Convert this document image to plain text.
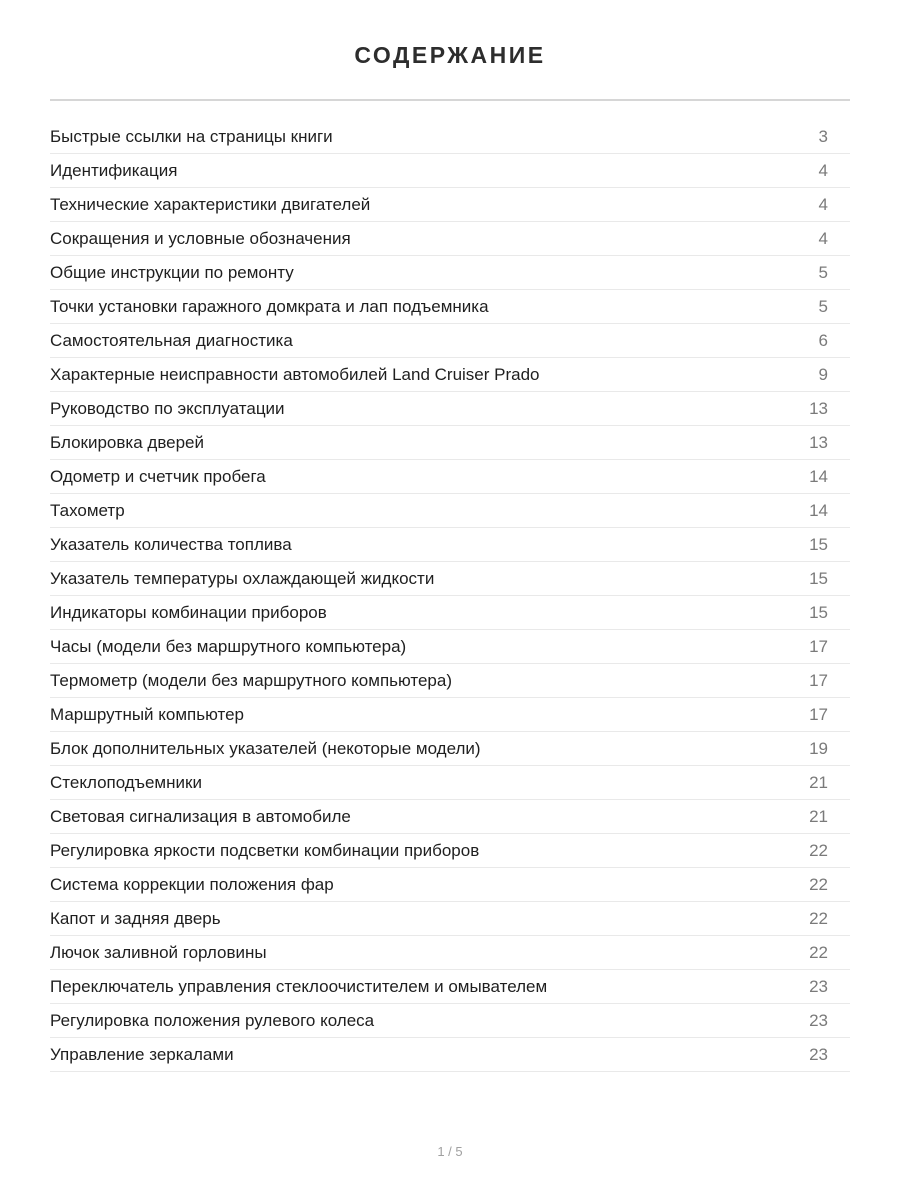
СОДЕРЖАНИЕ
Быстрые ссылки на страницы книги	3
Идентификация	4
Технические характеристики двигателей	4
Сокращения и условные обозначения	4
Общие инструкции по ремонту	5
Точки установки гаражного домкрата и лап подъемника	5
Самостоятельная диагностика	6
Характерные неисправности автомобилей Land Cruiser Prado	9
Руководство по эксплуатации	13
Блокировка дверей	13
Одометр и счетчик пробега	14
Тахометр	14
Указатель количества топлива	15
Указатель температуры охлаждающей жидкости	15
Индикаторы комбинации приборов	15
Часы (модели без маршрутного компьютера)	17
Термометр (модели без маршрутного компьютера)	17
Маршрутный компьютер	17
Блок дополнительных указателей (некоторые модели)	19
Стеклоподъемники	21
Световая сигнализация в автомобиле	21
Регулировка яркости подсветки комбинации приборов	22
Система коррекции положения фар	22
Капот и задняя дверь	22
Лючок заливной горловины	22
Переключатель управления стеклоочистителем и омывателем	23
Регулировка положения рулевого колеса	23
Управление зеркалами	23
1 / 5
